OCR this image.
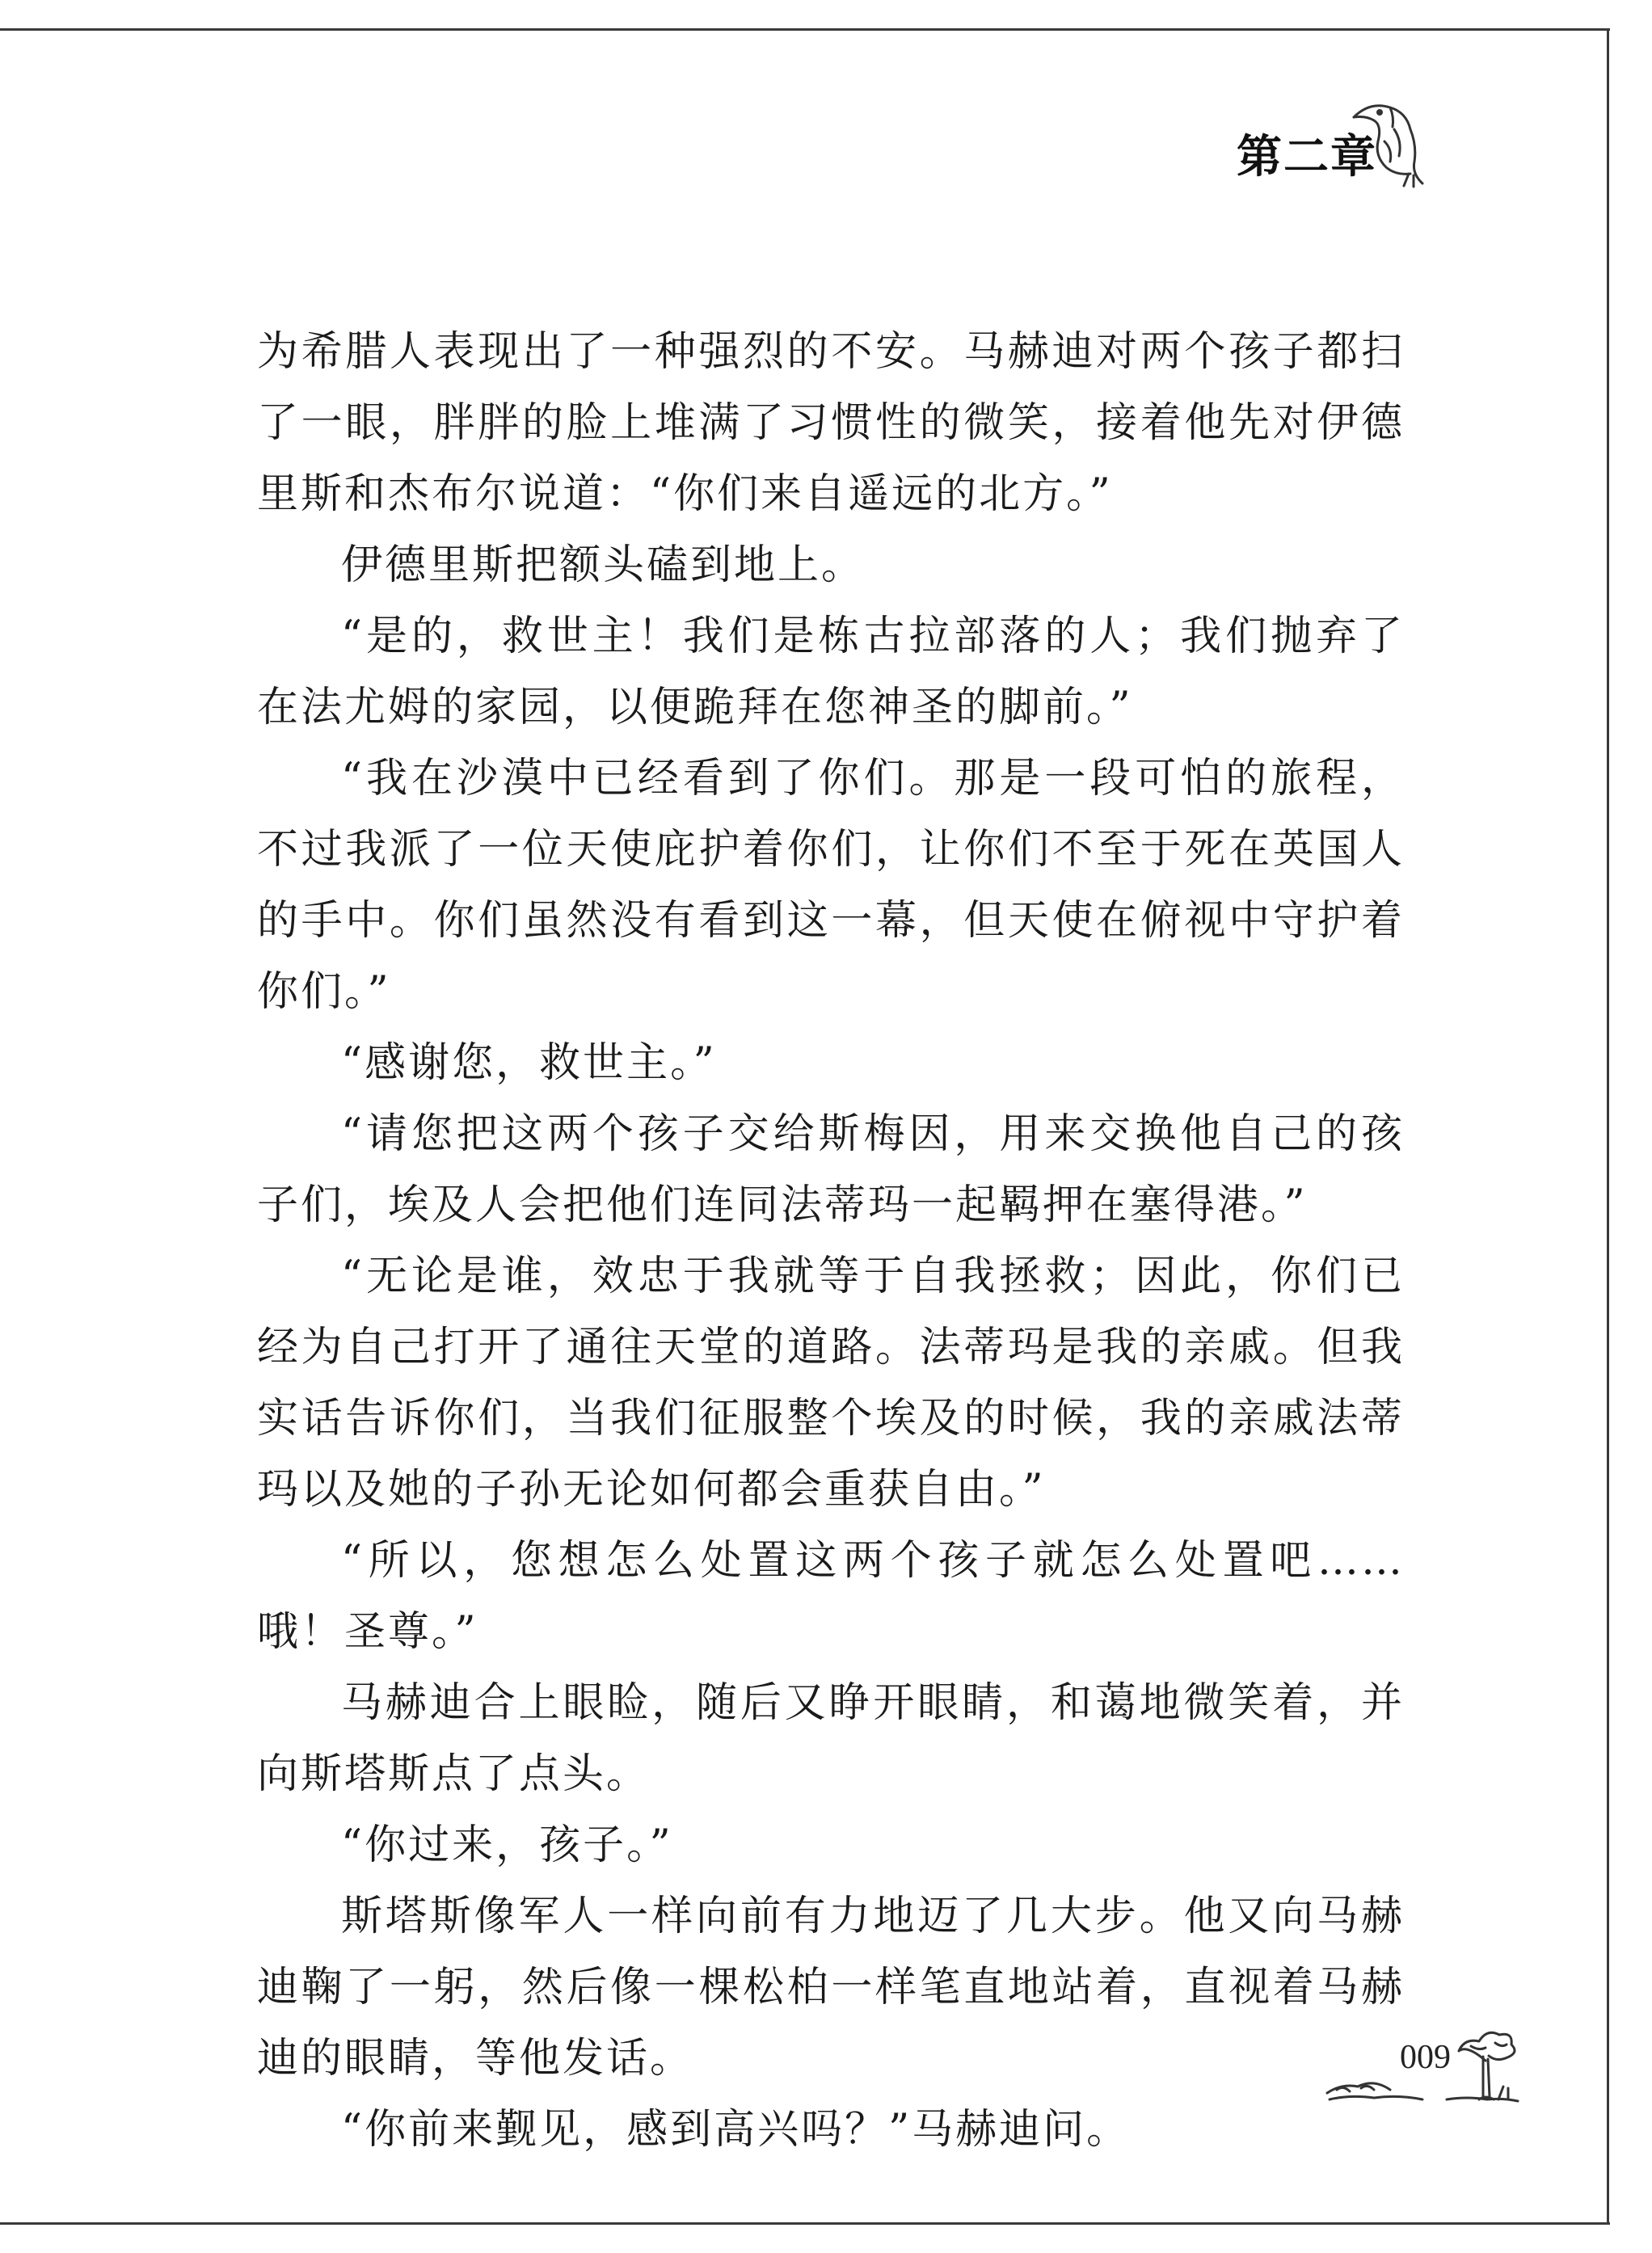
第二章
为希腊人表现出了一种强烈的不安。马赫迪对两个孩子都扫
了一眼，胖胖的脸上堆满了习惯性的微笑，接着他先对伊德
里斯和杰布尔说道：“你们来自遥远的北方。”
伊德里斯把额头磕到地上。
“是的，救世主！我们是栋古拉部落的人；我们抛弃了
在法尤姆的家园，以便跪拜在您神圣的脚前。”
“我在沙漠中已经看到了你们。那是一段可怕的旅程，
不过我派了一位天使庇护着你们，让你们不至于死在英国人
的手中。你们虽然没有看到这一幕，但天使在俯视中守护着
你们。”
“感谢您，救世主。”
“请您把这两个孩子交给斯梅因，用来交换他自己的孩
子们，埃及人会把他们连同法蒂玛一起羁押在塞得港。”
“无论是谁，效忠于我就等于自我拯救；因此，你们已
经为自己打开了通往天堂的道路。法蒂玛是我的亲戚。但我
实话告诉你们，当我们征服整个埃及的时候，我的亲戚法蒂
玛以及她的子孙无论如何都会重获自由。”
“所以，您想怎么处置这两个孩子就怎么处置吧……
哦！圣尊。”
马赫迪合上眼睑，随后又睁开眼睛，和蔼地微笑着，并
向斯塔斯点了点头。
“你过来，孩子。”
斯塔斯像军人一样向前有力地迈了几大步。他又向马赫
迪鞠了一躬，然后像一棵松柏一样笔直地站着，直视着马赫
迪的眼睛，等他发话。
“你前来觐见，感到高兴吗？”马赫迪问。
009
